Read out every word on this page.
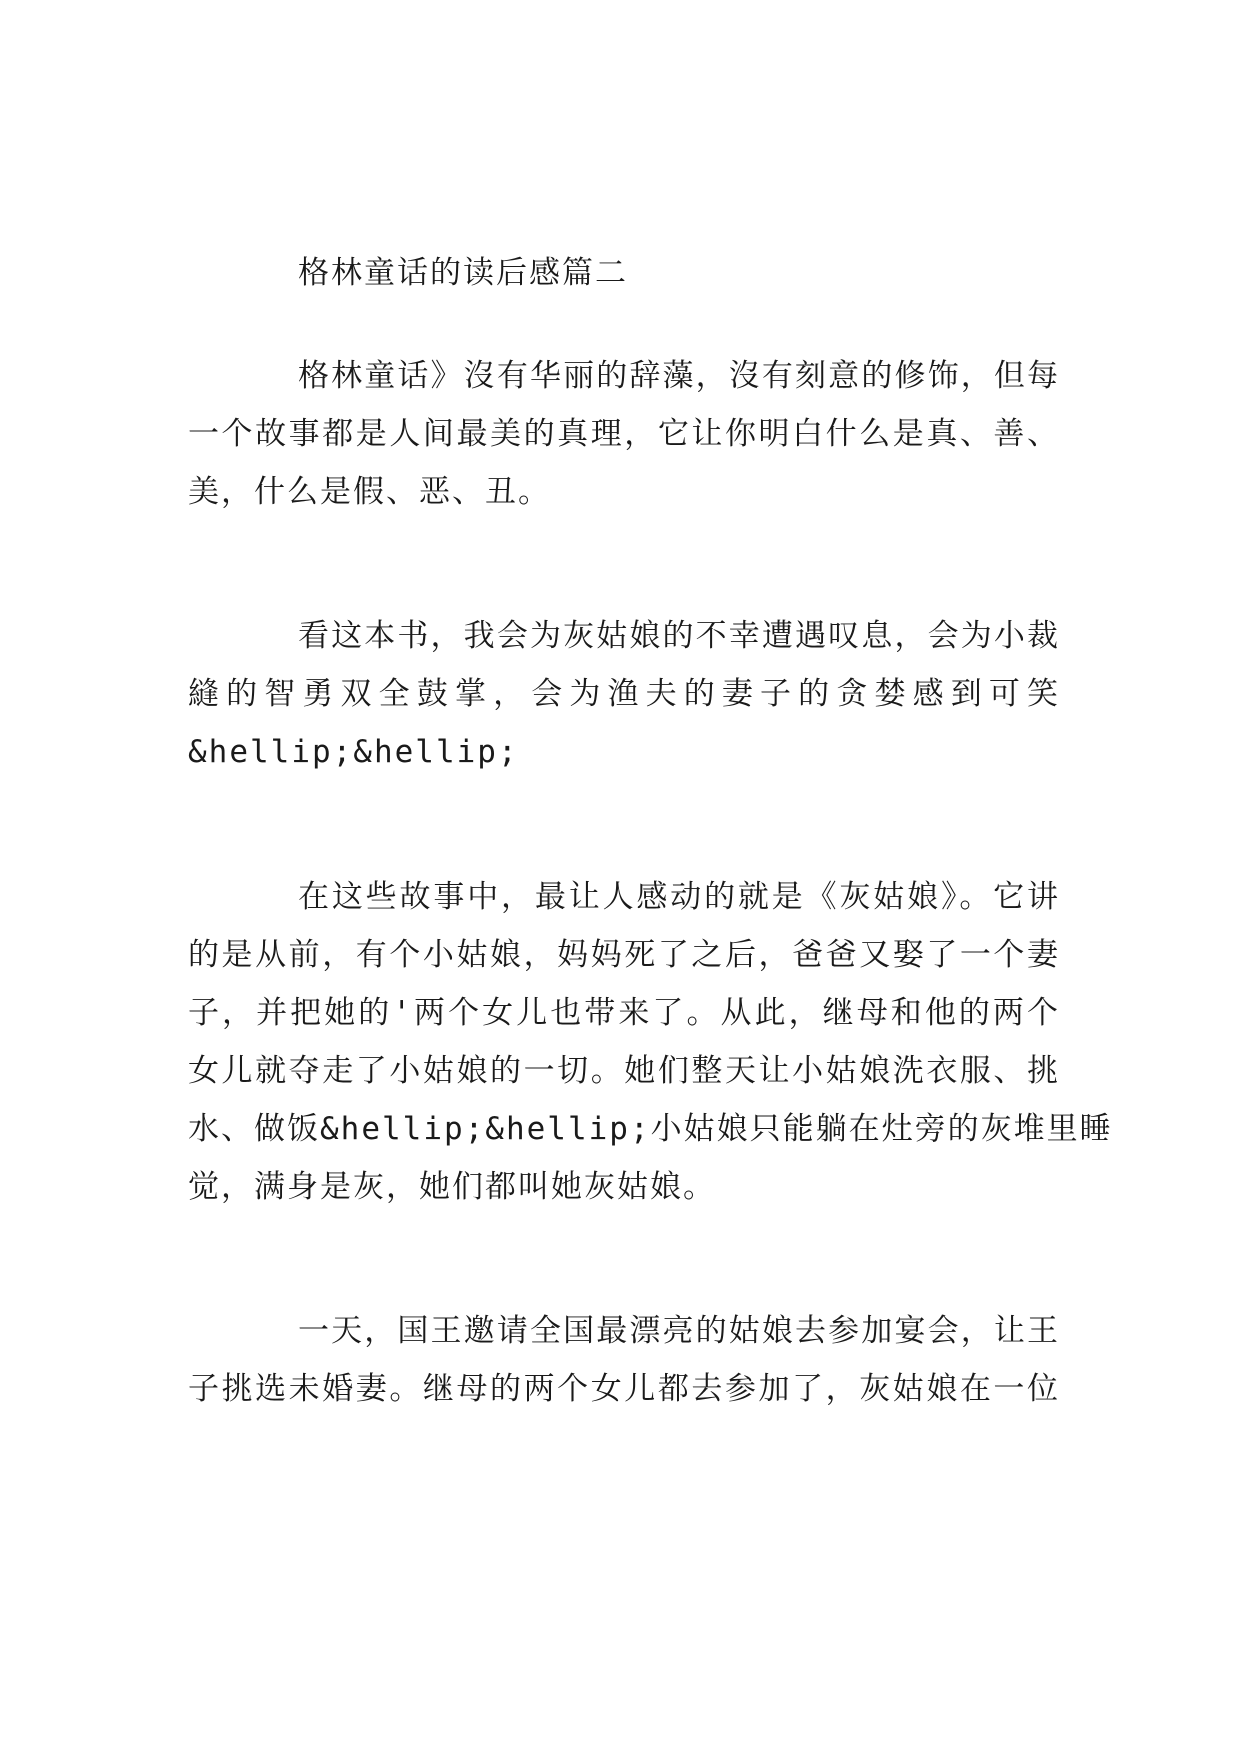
格林童话的读后感篇二
格林童话》沒有华丽的辞藻，沒有刻意的修饰，但每
一个故事都是人间最美的真理，它让你明白什么是真、善、
美，什么是假、恶、丑。
看这本书，我会为灰姑娘的不幸遭遇叹息，会为小裁
縫的智勇双全鼓掌，会为渔夫的妻子的贪婪感到可笑
&hellip;&hellip;
在这些故事中，最让人感动的就是《灰姑娘》。它讲
的是从前，有个小姑娘，妈妈死了之后，爸爸又娶了一个妻
子，并把她的'两个女儿也带来了。从此，继母和他的两个
女儿就夺走了小姑娘的一切。她们整天让小姑娘洗衣服、挑
水、做饭&hellip;&hellip;小姑娘只能躺在灶旁的灰堆里睡
觉，满身是灰，她们都叫她灰姑娘。
一天，国王邀请全国最漂亮的姑娘去参加宴会，让王
子挑选未婚妻。继母的两个女儿都去参加了，灰姑娘在一位
